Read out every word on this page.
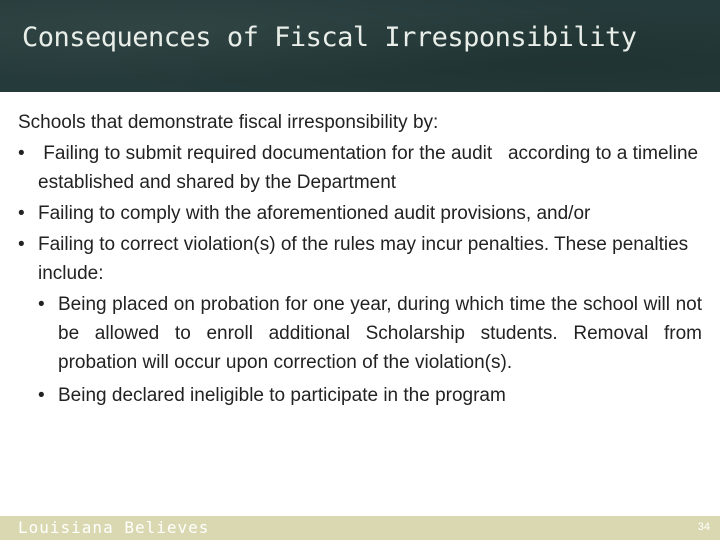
Consequences of Fiscal Irresponsibility

Schools that demonstrate fiscal irresponsibility by:

• Failing to submit required documentation for the audit   according to a timeline established and shared by the Department
• Failing to comply with the aforementioned audit provisions, and/or
• Failing to correct violation(s) of the rules may incur penalties. These penalties include:
• Being placed on probation for one year, during which time the school will not be allowed to enroll additional Scholarship students. Removal from probation will occur upon correction of the violation(s).
• Being declared ineligible to participate in the program
Louisiana Believes	34
